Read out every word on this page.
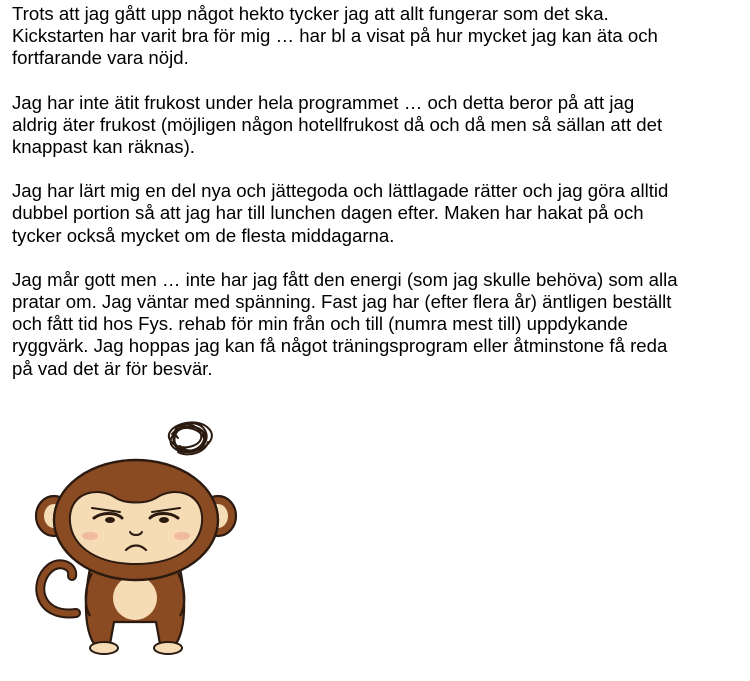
Trots att jag gått upp något hekto tycker jag att allt fungerar som det ska.
Kickstarten har varit bra för mig … har bl a visat på hur mycket jag kan äta och
fortfarande vara nöjd.

Jag har inte ätit frukost under hela programmet … och detta beror på att jag
aldrig äter frukost (möjligen någon hotellfrukost då och då men så sällan att det
knappast kan räknas).

Jag har lärt mig en del nya och jättegoda och lättlagade rätter och jag göra alltid
dubbel portion så att jag har till lunchen dagen efter. Maken har hakat på och
tycker också mycket om de flesta middagarna.

Jag mår gott men … inte har jag fått den energi (som jag skulle behöva) som alla
pratar om. Jag väntar med spänning. Fast jag har (efter flera år) äntligen beställt
och fått tid hos Fys. rehab för min från och till (numra mest till) uppdykande
ryggvärk. Jag hoppas jag kan få något träningsprogram eller åtminstone få reda
på vad det är för besvär.
